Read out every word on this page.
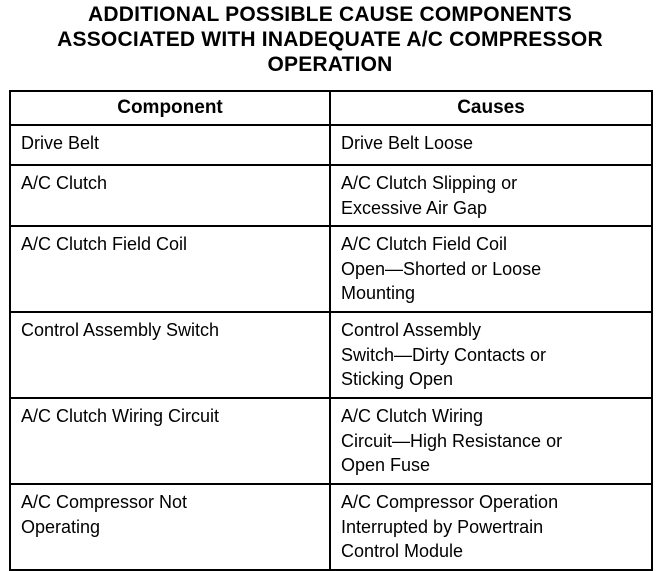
ADDITIONAL POSSIBLE CAUSE COMPONENTS
ASSOCIATED WITH INADEQUATE A/C COMPRESSOR
OPERATION
Component	Causes

Drive Belt	Drive Belt Loose

A/C Clutch	A/C Clutch Slipping or
Excessive Air Gap

A/C Clutch Field Coil	A/C Clutch Field Coil
Open—Shorted or Loose
Mounting

Control Assembly Switch	Control Assembly
Switch—Dirty Contacts or
Sticking Open

A/C Clutch Wiring Circuit	A/C Clutch Wiring
Circuit—High Resistance or
Open Fuse

A/C Compressor Not
Operating	A/C Compressor Operation
Interrupted by Powertrain
Control Module
